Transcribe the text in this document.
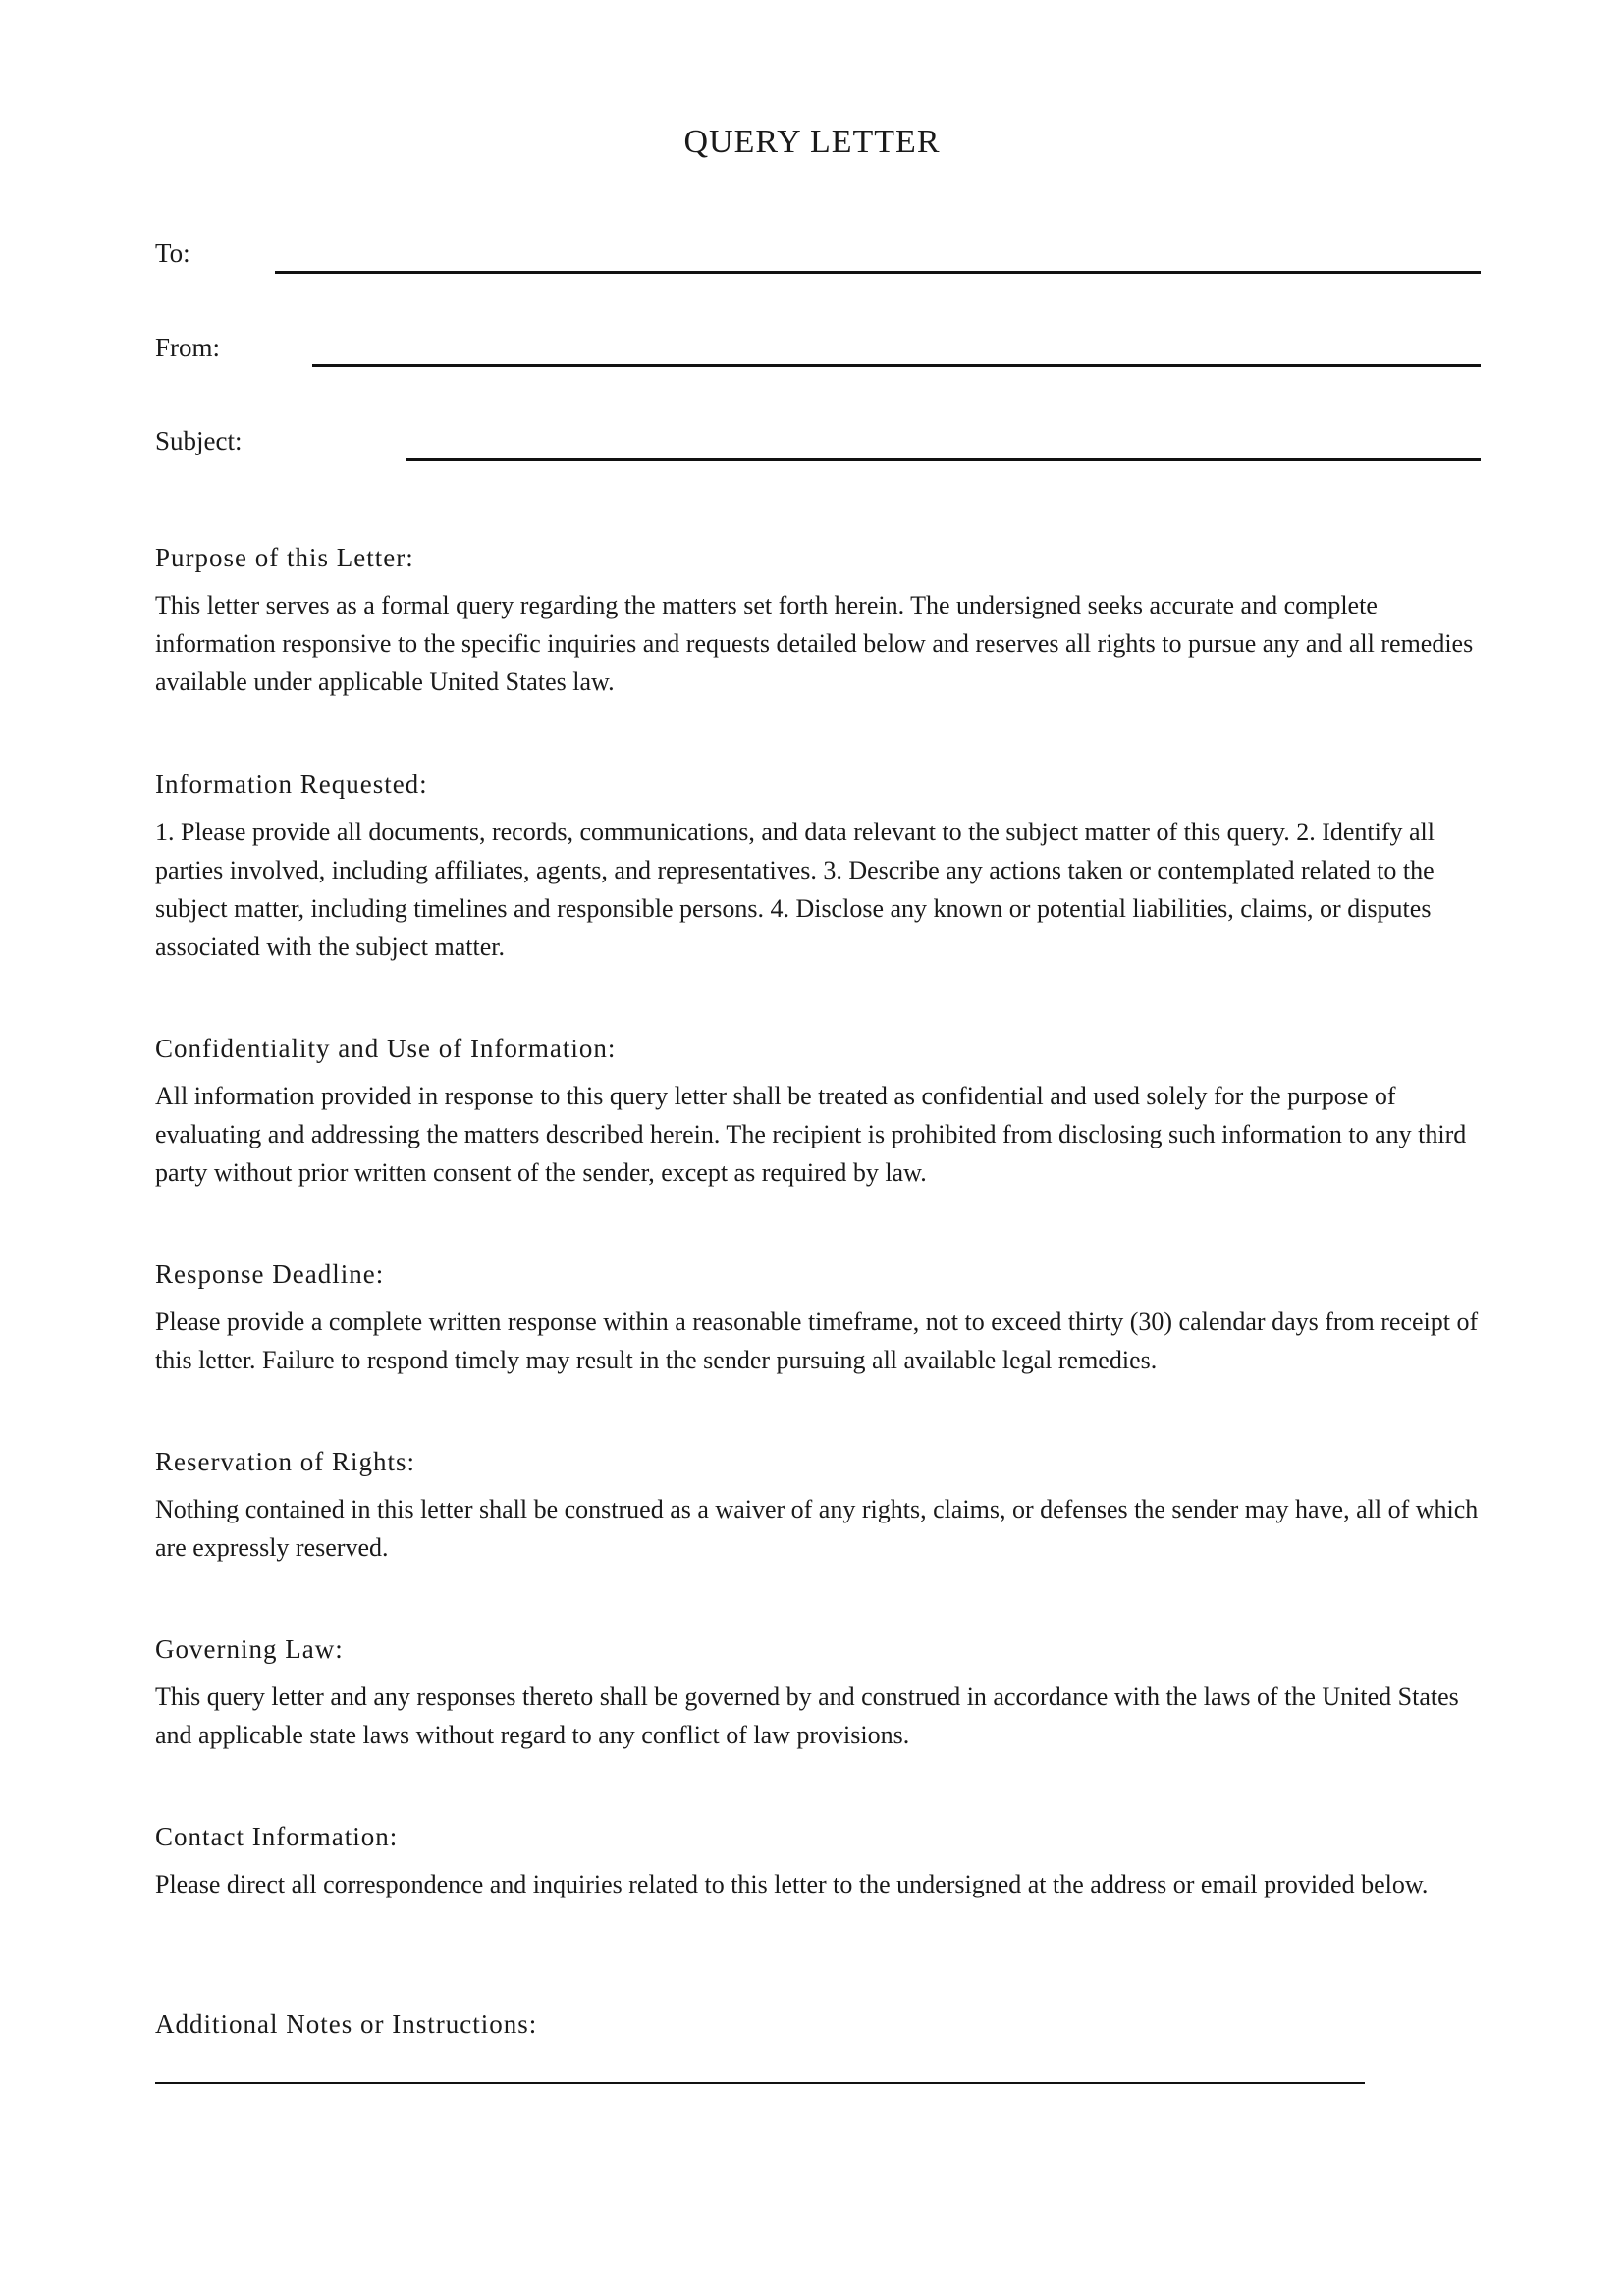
QUERY LETTER
To:
From:
Subject:
Purpose of this Letter:

This letter serves as a formal query regarding the matters set forth herein. The undersigned seeks accurate and complete information responsive to the specific inquiries and requests detailed below and reserves all rights to pursue any and all remedies available under applicable United States law.

Information Requested:

1. Please provide all documents, records, communications, and data relevant to the subject matter of this query. 2. Identify all parties involved, including affiliates, agents, and representatives. 3. Describe any actions taken or contemplated related to the subject matter, including timelines and responsible persons. 4. Disclose any known or potential liabilities, claims, or disputes associated with the subject matter.

Confidentiality and Use of Information:

All information provided in response to this query letter shall be treated as confidential and used solely for the purpose of evaluating and addressing the matters described herein. The recipient is prohibited from disclosing such information to any third party without prior written consent of the sender, except as required by law.

Response Deadline:

Please provide a complete written response within a reasonable timeframe, not to exceed thirty (30) calendar days from receipt of this letter. Failure to respond timely may result in the sender pursuing all available legal remedies.

Reservation of Rights:

Nothing contained in this letter shall be construed as a waiver of any rights, claims, or defenses the sender may have, all of which are expressly reserved.

Governing Law:

This query letter and any responses thereto shall be governed by and construed in accordance with the laws of the United States and applicable state laws without regard to any conflict of law provisions.

Contact Information:

Please direct all correspondence and inquiries related to this letter to the undersigned at the address or email provided below.

Additional Notes or Instructions:
